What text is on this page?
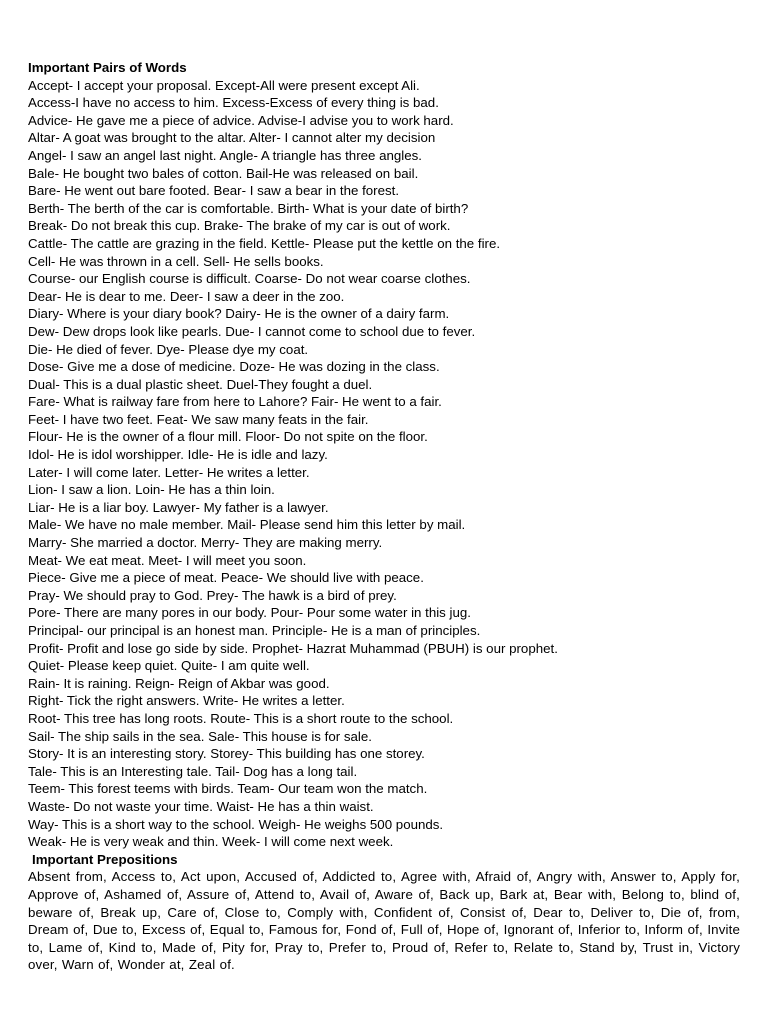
Important Pairs of Words
Accept- I accept your proposal. Except-All were present except Ali.
Access-I have no access to him. Excess-Excess of every thing is bad.
Advice- He gave me a piece of advice. Advise-I advise you to work hard.
Altar- A goat was brought to the altar. Alter- I cannot alter my decision
Angel- I saw an angel last night. Angle- A triangle has three angles.
Bale- He bought two bales of cotton. Bail-He was released on bail.
Bare- He went out bare footed. Bear- I saw a bear in the forest.
Berth- The berth of the car is comfortable. Birth- What is your date of birth?
Break- Do not break this cup. Brake- The brake of my car is out of work.
Cattle- The cattle are grazing in the field. Kettle- Please put the kettle on the fire.
Cell- He was thrown in a cell. Sell- He sells books.
Course- our English course is difficult. Coarse- Do not wear coarse clothes.
Dear- He is dear to me. Deer- I saw a deer in the zoo.
Diary- Where is your diary book? Dairy- He is the owner of a dairy farm.
Dew- Dew drops look like pearls. Due- I cannot come to school due to fever.
Die- He died of fever. Dye- Please dye my coat.
Dose- Give me a dose of medicine. Doze- He was dozing in the class.
Dual- This is a dual plastic sheet. Duel-They fought a duel.
Fare- What is railway fare from here to Lahore? Fair- He went to a fair.
Feet- I have two feet. Feat- We saw many feats in the fair.
Flour- He is the owner of a flour mill. Floor- Do not spite on the floor.
Idol- He is idol worshipper. Idle- He is idle and lazy.
Later- I will come later. Letter- He writes a letter.
Lion- I saw a lion. Loin- He has a thin loin.
Liar- He is a liar boy. Lawyer- My father is a lawyer.
Male- We have no male member. Mail- Please send him this letter by mail.
Marry- She married a doctor. Merry- They are making merry.
Meat- We eat meat. Meet- I will meet you soon.
Piece- Give me a piece of meat. Peace- We should live with peace.
Pray- We should pray to God. Prey- The hawk is a bird of prey.
Pore- There are many pores in our body. Pour- Pour some water in this jug.
Principal- our principal is an honest man. Principle- He is a man of principles.
Profit- Profit and lose go side by side. Prophet- Hazrat Muhammad (PBUH) is our prophet.
Quiet- Please keep quiet. Quite- I am quite well.
Rain- It is raining. Reign- Reign of Akbar was good.
Right- Tick the right answers. Write- He writes a letter.
Root- This tree has long roots. Route- This is a short route to the school.
Sail- The ship sails in the sea. Sale- This house is for sale.
Story- It is an interesting story. Storey- This building has one storey.
Tale- This is an Interesting tale. Tail- Dog has a long tail.
Teem- This forest teems with birds. Team- Our team won the match.
Waste- Do not waste your time. Waist- He has a thin waist.
Way- This is a short way to the school. Weigh- He weighs 500 pounds.
Weak- He is very weak and thin. Week- I will come next week.
Important Prepositions
Absent from, Access to, Act upon, Accused of, Addicted to, Agree with, Afraid of, Angry with, Answer to, Apply for, Approve of, Ashamed of, Assure of, Attend to, Avail of, Aware of, Back up, Bark at, Bear with, Belong to, blind of, beware of, Break up, Care of, Close to, Comply with, Confident of, Consist of, Dear to, Deliver to, Die of, from, Dream of, Due to, Excess of, Equal to, Famous for, Fond of, Full of, Hope of, Ignorant of, Inferior to, Inform of, Invite to, Lame of, Kind to, Made of, Pity for, Pray to, Prefer to, Proud of, Refer to, Relate to, Stand by, Trust in, Victory over, Warn of, Wonder at, Zeal of.
